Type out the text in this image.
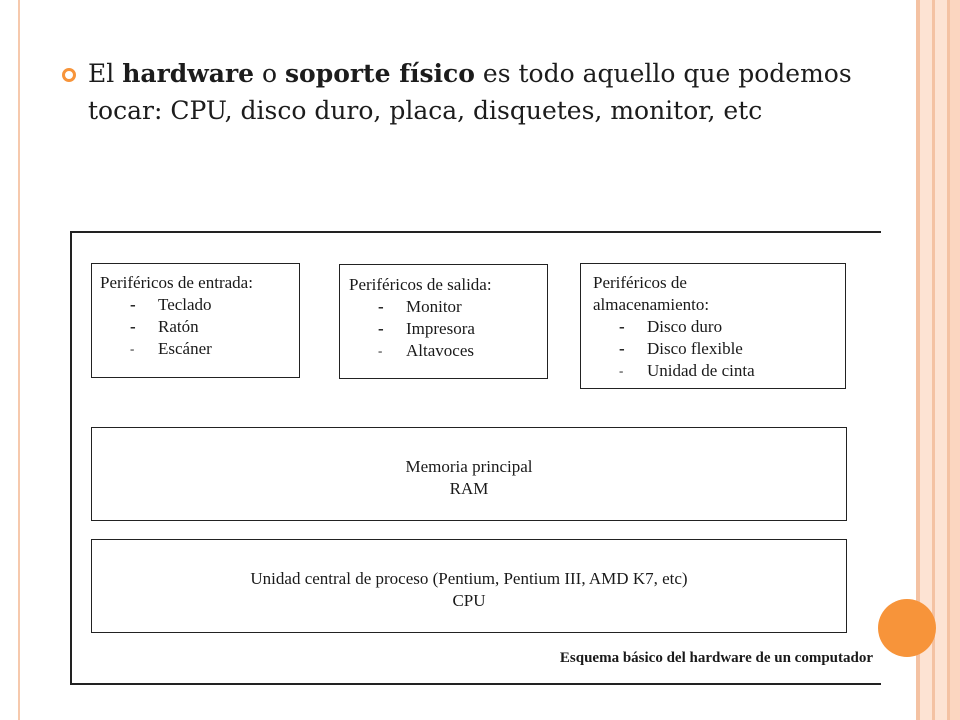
El hardware o soporte físico es todo aquello que podemos tocar: CPU, disco duro, placa, disquetes, monitor, etc
Periféricos de entrada:
- Teclado
- Ratón
- Escáner
Periféricos de salida:
- Monitor
- Impresora
- Altavoces
Periféricos de
almacenamiento:
- Disco duro
- Disco flexible
- Unidad de cinta
Memoria principal
RAM
Unidad central de proceso (Pentium, Pentium III, AMD K7, etc)
CPU
Esquema básico del hardware de un computador
